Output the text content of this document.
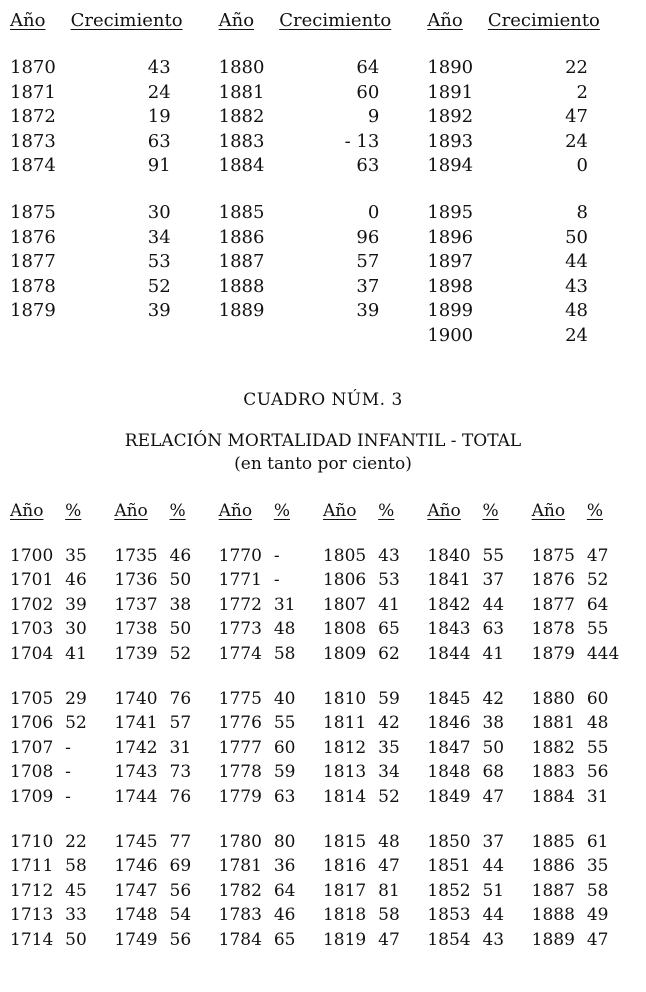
Año	Crecimiento	Año	Crecimiento	Año	Crecimiento

1870	43	1880	64	1890	22
1871	24	1881	60	1891	2
1872	19	1882	9	1892	47
1873	63	1883	- 13	1893	24
1874	91	1884	63	1894	0

1875	30	1885	0	1895	8
1876	34	1886	96	1896	50
1877	53	1887	57	1897	44
1878	52	1888	37	1898	43
1879	39	1889	39	1899	48
				1900	24
CUADRO NÚM. 3
RELACIÓN MORTALIDAD INFANTIL - TOTAL
(en tanto por ciento)
Año	%	Año	%	Año	%	Año	%	Año	%	Año	%

1700	35	1735	46	1770	-	1805	43	1840	55	1875	47
1701	46	1736	50	1771	-	1806	53	1841	37	1876	52
1702	39	1737	38	1772	31	1807	41	1842	44	1877	64
1703	30	1738	50	1773	48	1808	65	1843	63	1878	55
1704	41	1739	52	1774	58	1809	62	1844	41	1879	444

1705	29	1740	76	1775	40	1810	59	1845	42	1880	60
1706	52	1741	57	1776	55	1811	42	1846	38	1881	48
1707	-	1742	31	1777	60	1812	35	1847	50	1882	55
1708	-	1743	73	1778	59	1813	34	1848	68	1883	56
1709	-	1744	76	1779	63	1814	52	1849	47	1884	31

1710	22	1745	77	1780	80	1815	48	1850	37	1885	61
1711	58	1746	69	1781	36	1816	47	1851	44	1886	35
1712	45	1747	56	1782	64	1817	81	1852	51	1887	58
1713	33	1748	54	1783	46	1818	58	1853	44	1888	49
1714	50	1749	56	1784	65	1819	47	1854	43	1889	47
